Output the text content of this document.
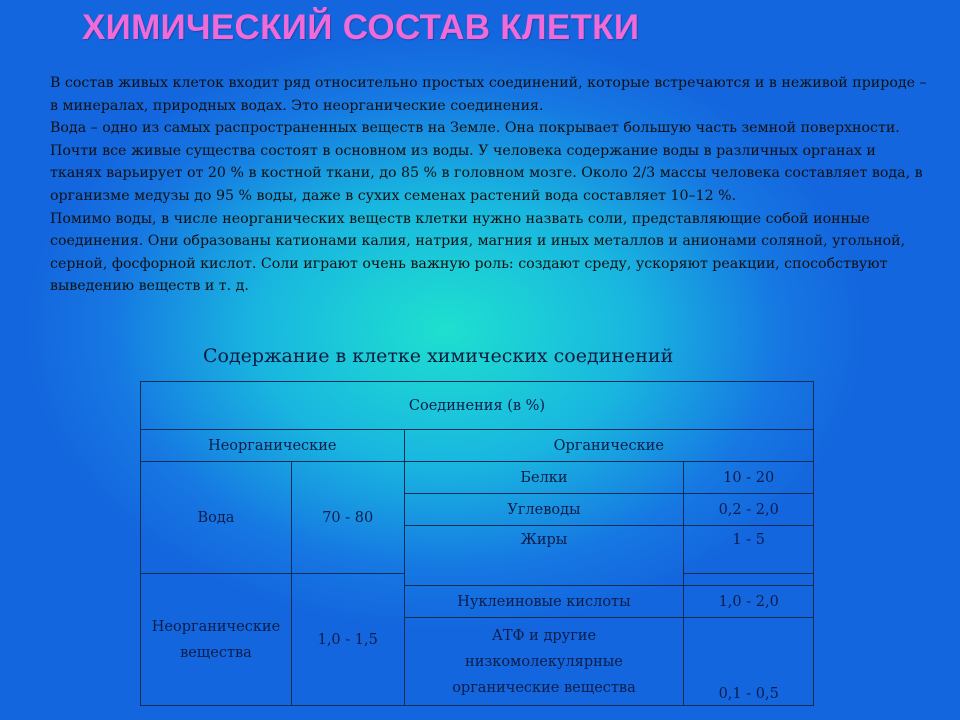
ХИМИЧЕСКИЙ СОСТАВ КЛЕТКИ

В состав живых клеток входит ряд относительно простых соединений, которые встречаются и в неживой природе – в минералах, природных водах. Это неорганические соединения.

Вода – одно из самых распространенных веществ на Земле. Она покрывает большую часть земной поверхности. Почти все живые существа состоят в основном из воды. У человека содержание воды в различных органах и тканях варьирует от 20 % в костной ткани, до 85 % в головном мозге. Около 2/3 массы человека составляет вода, в организме медузы до 95 % воды, даже в сухих семенах растений вода составляет 10–12 %.

Помимо воды, в числе неорганических веществ клетки нужно назвать соли, представляющие собой ионные соединения. Они образованы катионами калия, натрия, магния и иных металлов и анионами соляной, угольной, серной, фосфорной кислот. Соли играют очень важную роль: создают среду, ускоряют реакции, способствуют выведению веществ и т. д.

Содержание в клетке химических соединений
Соединения (в %)			
Неорганические		Органические	
Вода	70 - 80	Белки	10 - 20
		Углеводы	0,2 - 2,0
		Жиры	1 - 5
Неорганические вещества	1,0 - 1,5		
		Нуклеиновые кислоты	1,0 - 2,0
		АТФ и другие низкомолекулярные органические вещества	0,1 - 0,5
